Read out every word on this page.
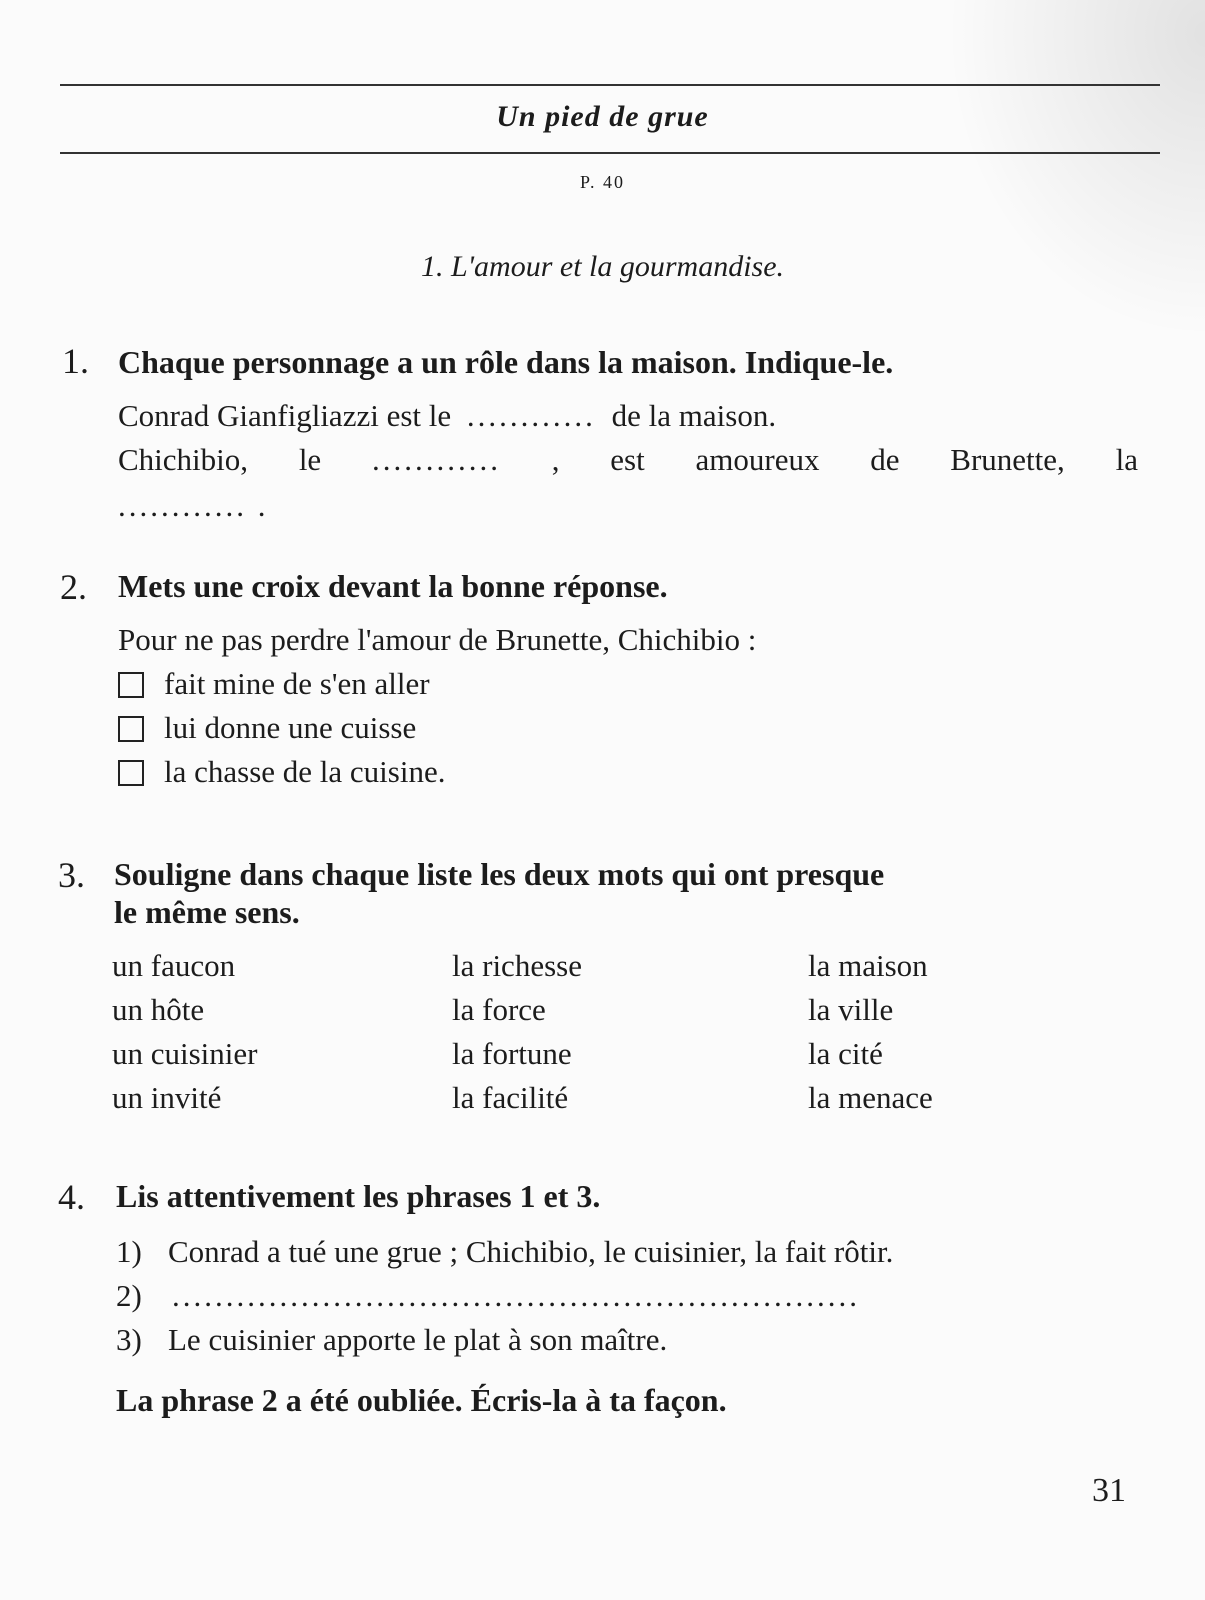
Un pied de grue
P. 40
1. L'amour et la gourmandise.
1. Chaque personnage a un rôle dans la maison. Indique-le.
Conrad Gianfigliazzi est le ............ de la maison.
Chichibio, le ............ , est amoureux de Brunette, la
............ .
2. Mets une croix devant la bonne réponse.
Pour ne pas perdre l'amour de Brunette, Chichibio :
fait mine de s'en aller
lui donne une cuisse
la chasse de la cuisine.
3. Souligne dans chaque liste les deux mots qui ont presque
le même sens.
un faucon
un hôte
un cuisinier
un invité
la richesse
la force
la fortune
la facilité
la maison
la ville
la cité
la menace
4. Lis attentivement les phrases 1 et 3.
1) Conrad a tué une grue ; Chichibio, le cuisinier, la fait rôtir.
2) ................................................................
3) Le cuisinier apporte le plat à son maître.
La phrase 2 a été oubliée. Écris-la à ta façon.
31
